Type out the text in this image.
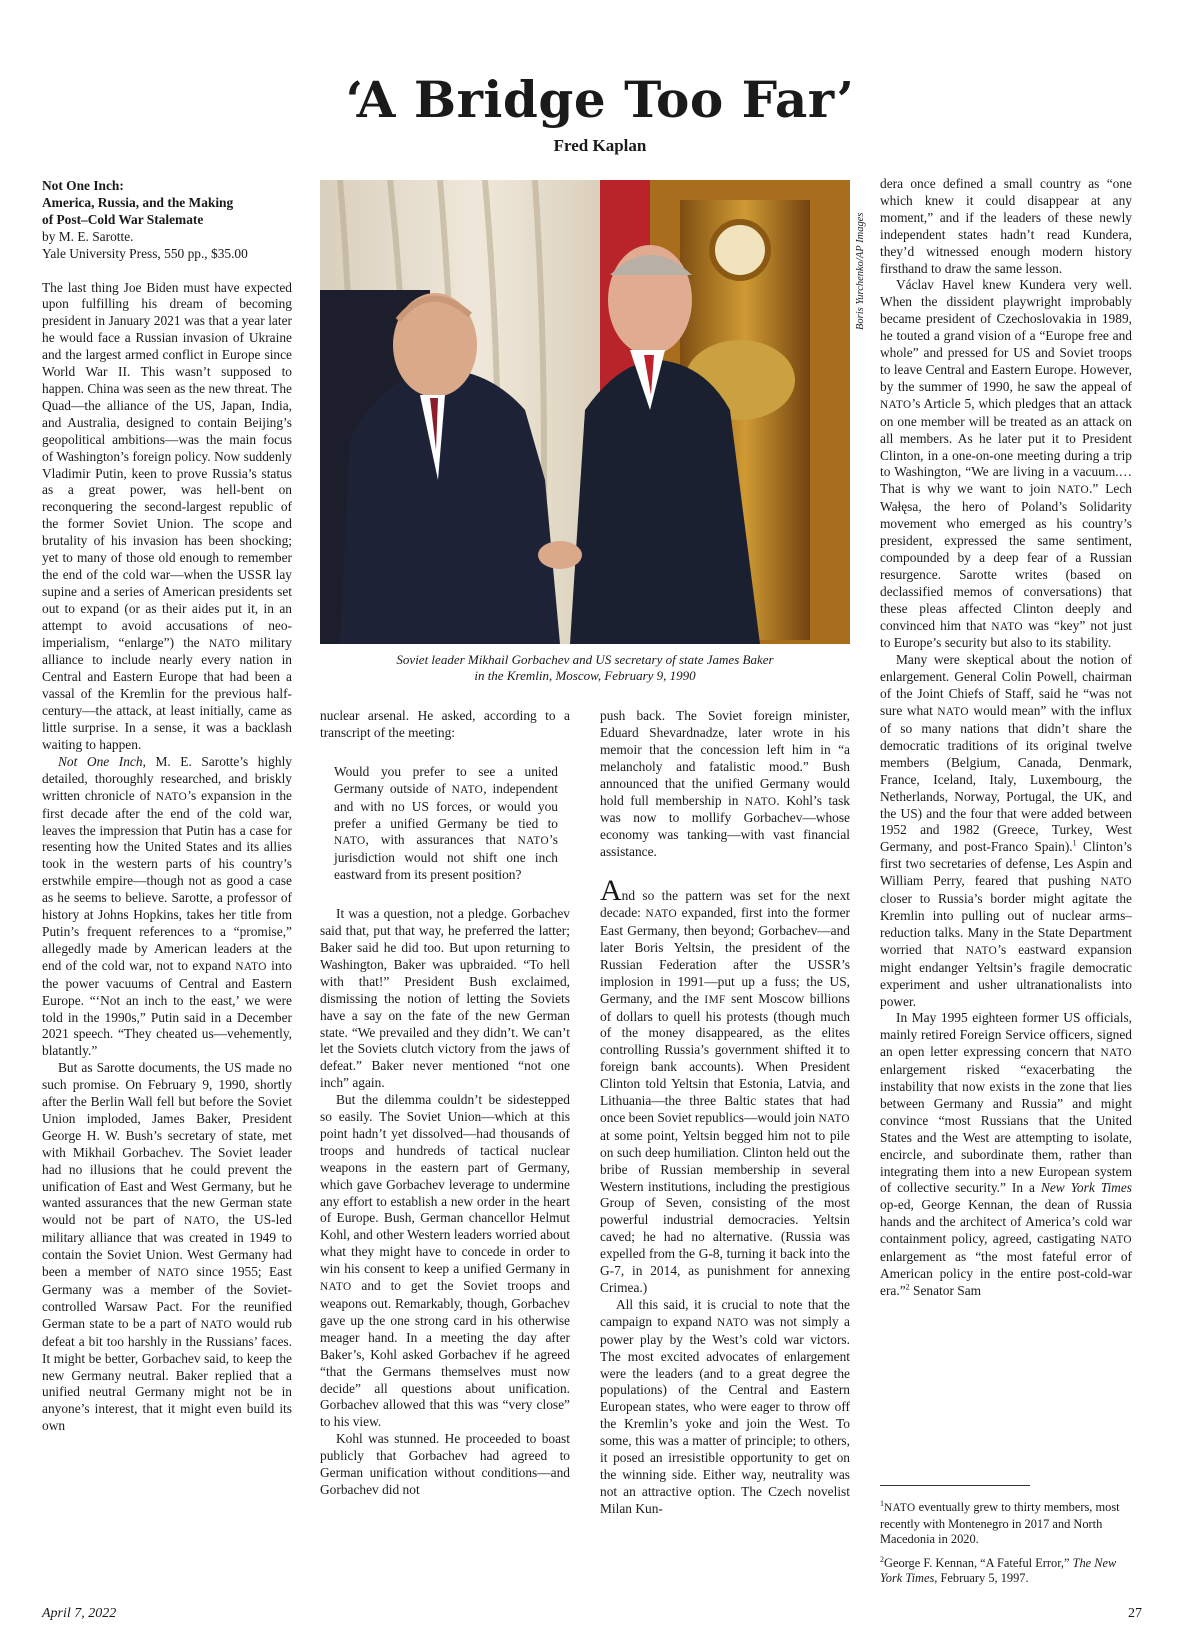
‘A Bridge Too Far’
Fred Kaplan
Not One Inch:
America, Russia, and the Making
of Post–Cold War Stalemate
by M. E. Sarotte.
Yale University Press, 550 pp., $35.00

The last thing Joe Biden must have expected upon fulfilling his dream of becoming president in January 2021 was that a year later he would face a Russian invasion of Ukraine and the largest armed conflict in Europe since World War II. This wasn’t supposed to happen. China was seen as the new threat. The Quad—the alliance of the US, Japan, India, and Australia, designed to contain Beijing’s geopolitical ambitions—was the main focus of Washington’s foreign policy. Now suddenly Vladimir Putin, keen to prove Russia’s status as a great power, was hell-bent on reconquering the second-largest republic of the former Soviet Union. The scope and brutality of his invasion has been shocking; yet to many of those old enough to remember the end of the cold war—when the USSR lay supine and a series of American presidents set out to expand (or as their aides put it, in an attempt to avoid accusations of neo-imperialism, “enlarge”) the NATO military alliance to include nearly every nation in Central and Eastern Europe that had been a vassal of the Kremlin for the previous half-century—the attack, at least initially, came as little surprise. In a sense, it was a backlash waiting to happen.

Not One Inch, M. E. Sarotte’s highly detailed, thoroughly researched, and briskly written chronicle of NATO’s expansion in the first decade after the end of the cold war, leaves the impression that Putin has a case for resenting how the United States and its allies took in the western parts of his country’s erstwhile empire—though not as good a case as he seems to believe. Sarotte, a professor of history at Johns Hopkins, takes her title from Putin’s frequent references to a “promise,” allegedly made by American leaders at the end of the cold war, not to expand NATO into the power vacuums of Central and Eastern Europe. “‘Not an inch to the east,’ we were told in the 1990s,” Putin said in a December 2021 speech. “They cheated us—vehemently, blatantly.”

But as Sarotte documents, the US made no such promise. On February 9, 1990, shortly after the Berlin Wall fell but before the Soviet Union imploded, James Baker, President George H. W. Bush’s secretary of state, met with Mikhail Gorbachev. The Soviet leader had no illusions that he could prevent the unification of East and West Germany, but he wanted assurances that the new German state would not be part of NATO, the US-led military alliance that was created in 1949 to contain the Soviet Union. West Germany had been a member of NATO since 1955; East Germany was a member of the Soviet-controlled Warsaw Pact. For the reunified German state to be a part of NATO would rub defeat a bit too harshly in the Russians’ faces. It might be better, Gorbachev said, to keep the new Germany neutral. Baker replied that a unified neutral Germany might not be in anyone’s interest, that it might even build its own

Boris Yurchenko/AP Images
Soviet leader Mikhail Gorbachev and US secretary of state James Baker
in the Kremlin, Moscow, February 9, 1990

nuclear arsenal. He asked, according to a transcript of the meeting:

Would you prefer to see a united Germany outside of NATO, independent and with no US forces, or would you prefer a unified Germany be tied to NATO, with assurances that NATO’s jurisdiction would not shift one inch eastward from its present position?

It was a question, not a pledge. Gorbachev said that, put that way, he preferred the latter; Baker said he did too. But upon returning to Washington, Baker was upbraided. “To hell with that!” President Bush exclaimed, dismissing the notion of letting the Soviets have a say on the fate of the new German state. “We prevailed and they didn’t. We can’t let the Soviets clutch victory from the jaws of defeat.” Baker never mentioned “not one inch” again.

But the dilemma couldn’t be sidestepped so easily. The Soviet Union—which at this point hadn’t yet dissolved—had thousands of troops and hundreds of tactical nuclear weapons in the eastern part of Germany, which gave Gorbachev leverage to undermine any effort to establish a new order in the heart of Europe. Bush, German chancellor Helmut Kohl, and other Western leaders worried about what they might have to concede in order to win his consent to keep a unified Germany in NATO and to get the Soviet troops and weapons out. Remarkably, though, Gorbachev gave up the one strong card in his otherwise meager hand. In a meeting the day after Baker’s, Kohl asked Gorbachev if he agreed “that the Germans themselves must now decide” all questions about unification. Gorbachev allowed that this was “very close” to his view.

Kohl was stunned. He proceeded to boast publicly that Gorbachev had agreed to German unification without conditions—and Gorbachev did not

push back. The Soviet foreign minister, Eduard Shevardnadze, later wrote in his memoir that the concession left him in “a melancholy and fatalistic mood.” Bush announced that the unified Germany would hold full membership in NATO. Kohl’s task was now to mollify Gorbachev—whose economy was tanking—with vast financial assistance.

And so the pattern was set for the next decade: NATO expanded, first into the former East Germany, then beyond; Gorbachev—and later Boris Yeltsin, the president of the Russian Federation after the USSR’s implosion in 1991—put up a fuss; the US, Germany, and the IMF sent Moscow billions of dollars to quell his protests (though much of the money disappeared, as the elites controlling Russia’s government shifted it to foreign bank accounts). When President Clinton told Yeltsin that Estonia, Latvia, and Lithuania—the three Baltic states that had once been Soviet republics—would join NATO at some point, Yeltsin begged him not to pile on such deep humiliation. Clinton held out the bribe of Russian membership in several Western institutions, including the prestigious Group of Seven, consisting of the most powerful industrial democracies. Yeltsin caved; he had no alternative. (Russia was expelled from the G-8, turning it back into the G-7, in 2014, as punishment for annexing Crimea.)

All this said, it is crucial to note that the campaign to expand NATO was not simply a power play by the West’s cold war victors. The most excited advocates of enlargement were the leaders (and to a great degree the populations) of the Central and Eastern European states, who were eager to throw off the Kremlin’s yoke and join the West. To some, this was a matter of principle; to others, it posed an irresistible opportunity to get on the winning side. Either way, neutrality was not an attractive option. The Czech novelist Milan Kun-

dera once defined a small country as “one which knew it could disappear at any moment,” and if the leaders of these newly independent states hadn’t read Kundera, they’d witnessed enough modern history firsthand to draw the same lesson.

Václav Havel knew Kundera very well. When the dissident playwright improbably became president of Czechoslovakia in 1989, he touted a grand vision of a “Europe free and whole” and pressed for US and Soviet troops to leave Central and Eastern Europe. However, by the summer of 1990, he saw the appeal of NATO’s Article 5, which pledges that an attack on one member will be treated as an attack on all members. As he later put it to President Clinton, in a one-on-one meeting during a trip to Washington, “We are living in a vacuum.… That is why we want to join NATO.” Lech Wałęsa, the hero of Poland’s Solidarity movement who emerged as his country’s president, expressed the same sentiment, compounded by a deep fear of a Russian resurgence. Sarotte writes (based on declassified memos of conversations) that these pleas affected Clinton deeply and convinced him that NATO was “key” not just to Europe’s security but also to its stability.

Many were skeptical about the notion of enlargement. General Colin Powell, chairman of the Joint Chiefs of Staff, said he “was not sure what NATO would mean” with the influx of so many nations that didn’t share the democratic traditions of its original twelve members (Belgium, Canada, Denmark, France, Iceland, Italy, Luxembourg, the Netherlands, Norway, Portugal, the UK, and the US) and the four that were added between 1952 and 1982 (Greece, Turkey, West Germany, and post-Franco Spain).$^1$ Clinton’s first two secretaries of defense, Les Aspin and William Perry, feared that pushing NATO closer to Russia’s border might agitate the Kremlin into pulling out of nuclear arms–reduction talks. Many in the State Department worried that NATO’s eastward expansion might endanger Yeltsin’s fragile democratic experiment and usher ultranationalists into power.

In May 1995 eighteen former US officials, mainly retired Foreign Service officers, signed an open letter expressing concern that NATO enlargement risked “exacerbating the instability that now exists in the zone that lies between Germany and Russia” and might convince “most Russians that the United States and the West are attempting to isolate, encircle, and subordinate them, rather than integrating them into a new European system of collective security.” In a New York Times op-ed, George Kennan, the dean of Russia hands and the architect of America’s cold war containment policy, agreed, castigating NATO enlargement as “the most fateful error of American policy in the entire post-cold-war era.”$^2$ Senator Sam

$^1$NATO eventually grew to thirty members, most recently with Montenegro in 2017 and North Macedonia in 2020.

$^2$George F. Kennan, “A Fateful Error,” The New York Times, February 5, 1997.

April 7, 2022	27
